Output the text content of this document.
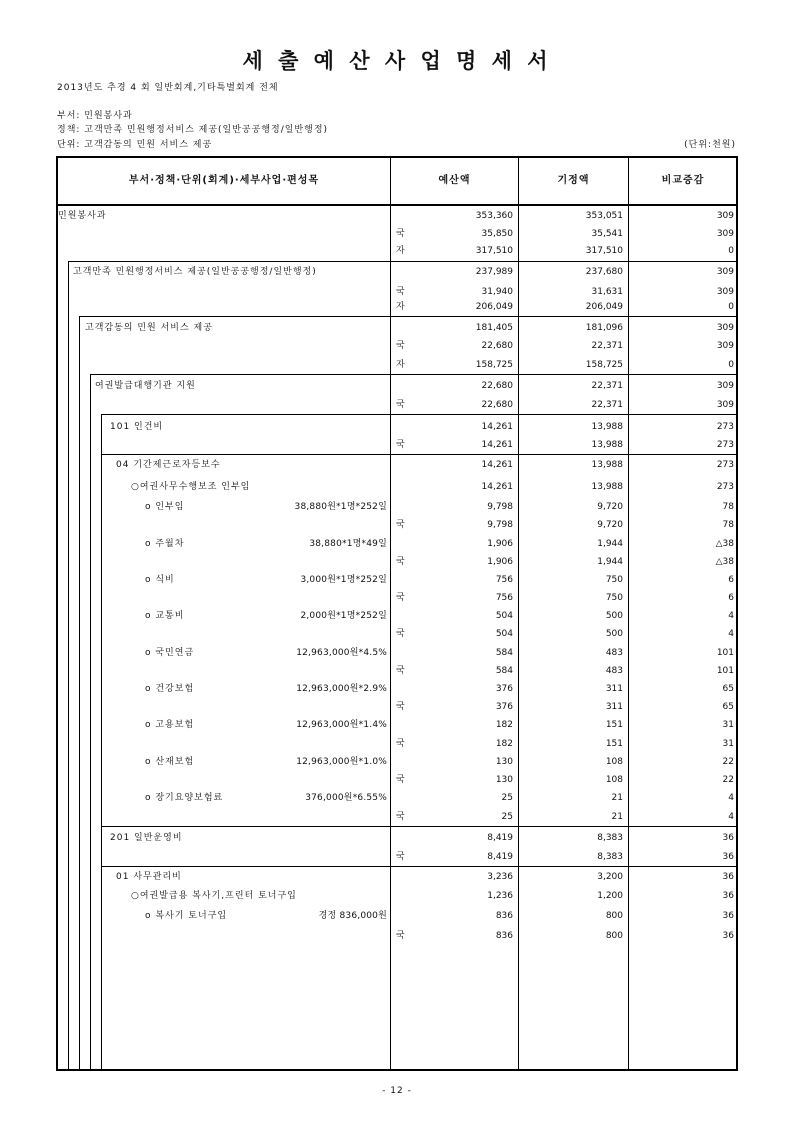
세 출 예 산 사 업 명 세 서
2013년도 추경 4 회 일반회계,기타특별회계 전체
부서: 민원봉사과
정책: 고객만족 민원행정서비스 제공(일반공공행정/일반행정)
단위: 고객감동의 민원 서비스 제공	(단위:천원)
부서·정책·단위(회계)·세부사업·편성목	예산액	기정액	비교증감
민원봉사과	353,360	353,051	309
국	35,850	35,541	309
자	317,510	317,510	0
고객만족 민원행정서비스 제공(일반공공행정/일반행정)	237,989	237,680	309
국	31,940	31,631	309
자	206,049	206,049	0
고객감동의 민원 서비스 제공	181,405	181,096	309
국	22,680	22,371	309
자	158,725	158,725	0
여권발급대행기관 지원	22,680	22,371	309
국	22,680	22,371	309
101 인건비	14,261	13,988	273
국	14,261	13,988	273
04 기간제근로자등보수	14,261	13,988	273
○여권사무수행보조 인부임	14,261	13,988	273
o 인부임	38,880원*1명*252일	9,798	9,720	78
국	9,798	9,720	78
o 주월차	38,880*1명*49일	1,906	1,944	△38
국	1,906	1,944	△38
o 식비	3,000원*1명*252일	756	750	6
국	756	750	6
o 교통비	2,000원*1명*252일	504	500	4
국	504	500	4
o 국민연금	12,963,000원*4.5%	584	483	101
국	584	483	101
o 건강보험	12,963,000원*2.9%	376	311	65
국	376	311	65
o 고용보험	12,963,000원*1.4%	182	151	31
국	182	151	31
o 산재보험	12,963,000원*1.0%	130	108	22
국	130	108	22
o 장기요양보험료	376,000원*6.55%	25	21	4
국	25	21	4
201 일반운영비	8,419	8,383	36
국	8,419	8,383	36
01 사무관리비	3,236	3,200	36
○여권발급용 복사기,프린터 토너구입	1,236	1,200	36
o 복사기 토너구입	경정 836,000원	836	800	36
국	836	800	36
- 12 -
